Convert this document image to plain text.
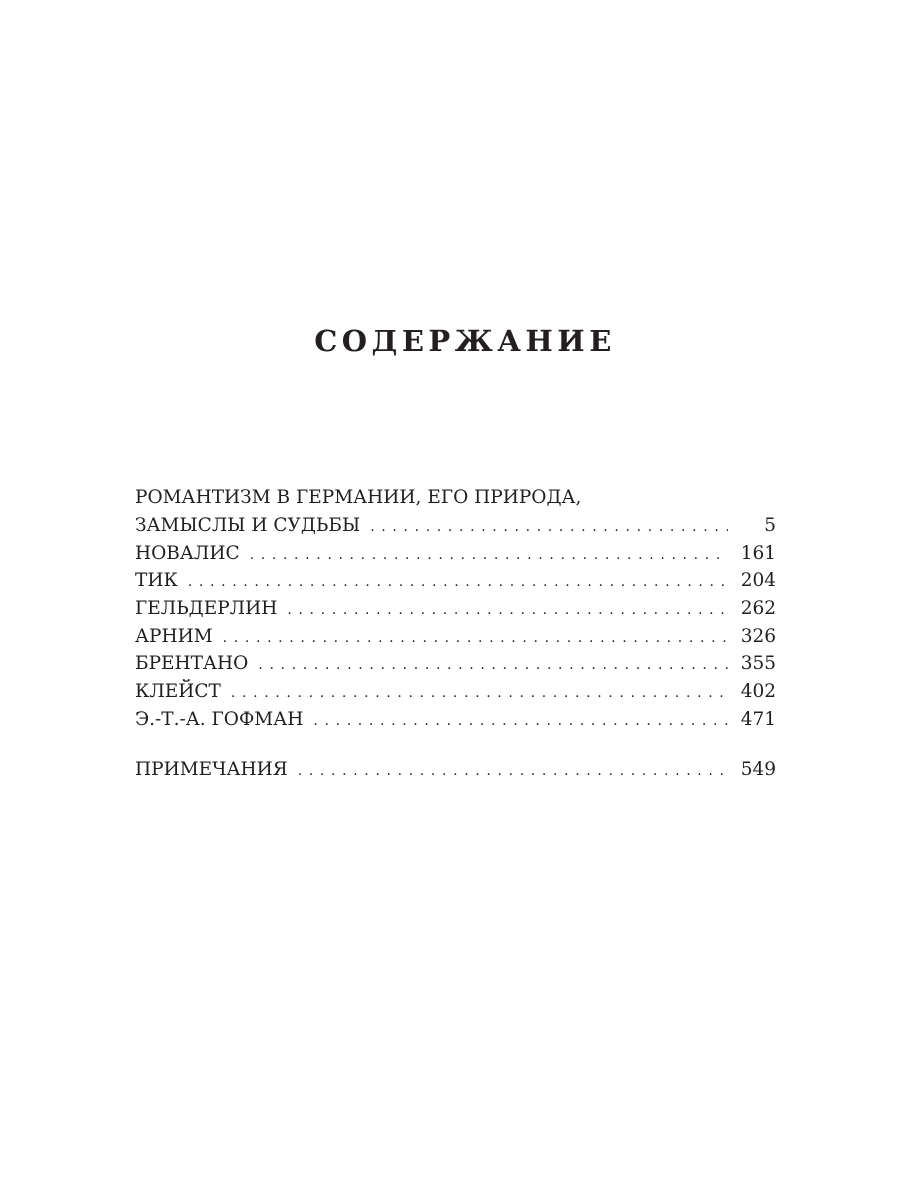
СОДЕРЖАНИЕ
РОМАНТИЗМ В ГЕРМАНИИ, ЕГО ПРИРОДА,
ЗАМЫСЛЫ И СУДЬБЫ . . .	5
НОВАЛИС . . .	161
ТИК . . .	204
ГЕЛЬДЕРЛИН . . .	262
АРНИМ . . .	326
БРЕНТАНО . . .	355
КЛЕЙСТ . . .	402
Э.-Т.-А. ГОФМАН . . .	471
ПРИМЕЧАНИЯ . . .	549
